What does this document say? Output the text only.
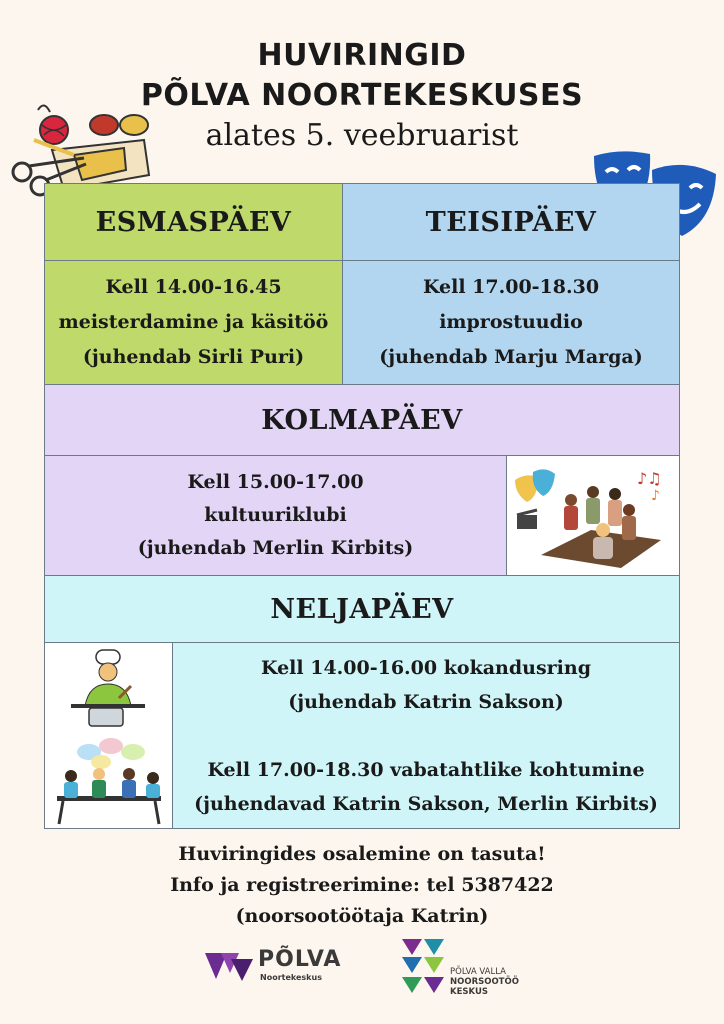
HUVIRINGID
PÕLVA NOORTEKESKUSES
alates 5. veebruarist
ESMASPÄEV
Kell 14.00-16.45
meisterdamine ja käsitöö
(juhendab Sirli Puri)
TEISIPÄEV
Kell 17.00-18.30
improstuudio
(juhendab Marju Marga)
KOLMAPÄEV
Kell 15.00-17.00
kultuuriklubi
(juhendab Merlin Kirbits)
♪♫
♪
NELJAPÄEV
Kell 14.00-16.00 kokandusring
(juhendab Katrin Sakson)
Kell 17.00-18.30 vabatahtlike kohtumine
(juhendavad Katrin Sakson, Merlin Kirbits)
Huviringides osalemine on tasuta!
Info ja registreerimine: tel 5387422
(noorsootöötaja Katrin)
PÕLVA
Noortekeskus
PÕLVA VALLA
NOORSOOTÖÖ
KESKUS
